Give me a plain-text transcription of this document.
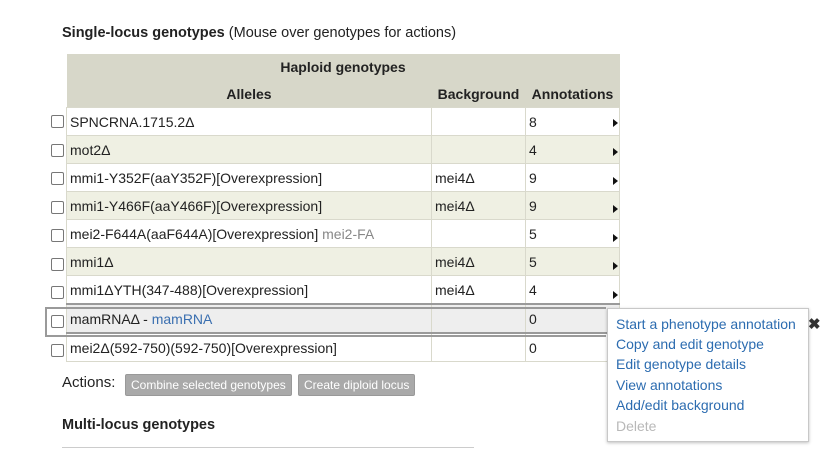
Single-locus genotypes (Mouse over genotypes for actions)
Haploid genotypes		
Alleles	Background	Annotations
SPNCRNA.1715.2Δ		8
mot2Δ		4
mmi1-Y352F(aaY352F)[Overexpression]	mei4Δ	9
mmi1-Y466F(aaY466F)[Overexpression]	mei4Δ	9
mei2-F644A(aaF644A)[Overexpression] mei2-FA		5
mmi1Δ	mei4Δ	5
mmi1ΔYTH(347-488)[Overexpression]	mei4Δ	4
mamRNAΔ - mamRNA		0
mei2Δ(592-750)(592-750)[Overexpression]		0
Actions:	Combine selected genotypes	Create diploid locus
Multi-locus genotypes
Start a phenotype annotation
Copy and edit genotype
Edit genotype details
View annotations
Add/edit background
Delete
✖
